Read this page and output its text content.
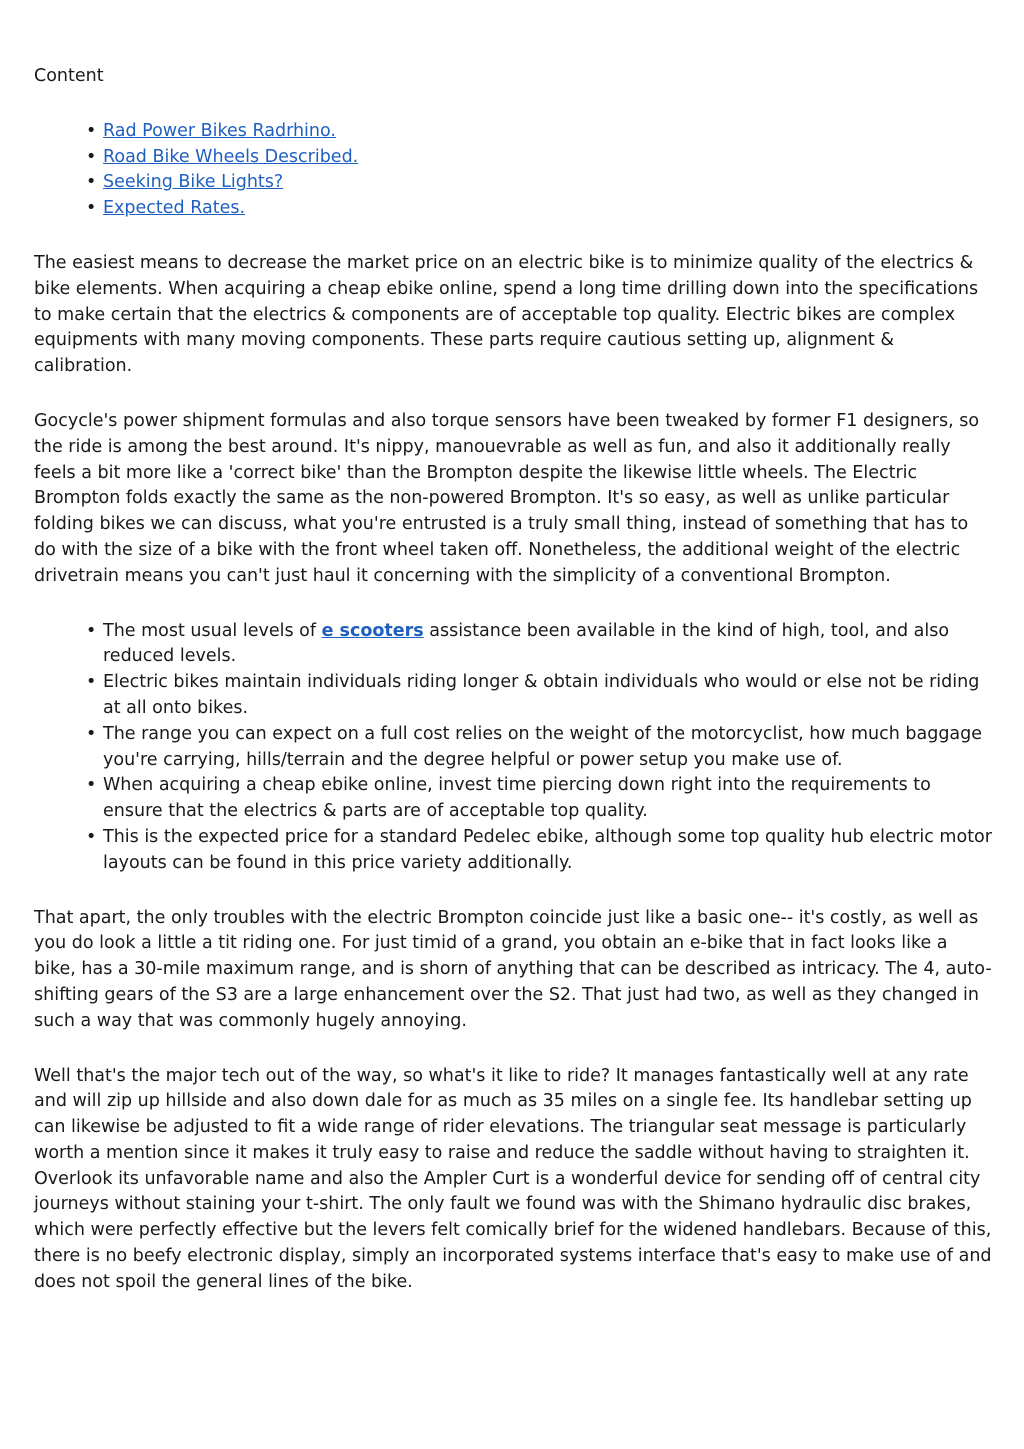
Content
• Rad Power Bikes Radrhino.
• Road Bike Wheels Described.
• Seeking Bike Lights?
• Expected Rates.

The easiest means to decrease the market price on an electric bike is to minimize quality of the electrics & bike elements. When acquiring a cheap ebike online, spend a long time drilling down into the specifications to make certain that the electrics & components are of acceptable top quality. Electric bikes are complex equipments with many moving components. These parts require cautious setting up, alignment & calibration.

Gocycle's power shipment formulas and also torque sensors have been tweaked by former F1 designers, so the ride is among the best around. It's nippy, manouevrable as well as fun, and also it additionally really feels a bit more like a 'correct bike' than the Brompton despite the likewise little wheels. The Electric Brompton folds exactly the same as the non-powered Brompton. It's so easy, as well as unlike particular folding bikes we can discuss, what you're entrusted is a truly small thing, instead of something that has to do with the size of a bike with the front wheel taken off. Nonetheless, the additional weight of the electric drivetrain means you can't just haul it concerning with the simplicity of a conventional Brompton.

• The most usual levels of e scooters assistance been available in the kind of high, tool, and also reduced levels.
• Electric bikes maintain individuals riding longer & obtain individuals who would or else not be riding at all onto bikes.
• The range you can expect on a full cost relies on the weight of the motorcyclist, how much baggage you're carrying, hills/terrain and the degree helpful or power setup you make use of.
• When acquiring a cheap ebike online, invest time piercing down right into the requirements to ensure that the electrics & parts are of acceptable top quality.
• This is the expected price for a standard Pedelec ebike, although some top quality hub electric motor layouts can be found in this price variety additionally.

That apart, the only troubles with the electric Brompton coincide just like a basic one-- it's costly, as well as you do look a little a tit riding one. For just timid of a grand, you obtain an e-bike that in fact looks like a bike, has a 30-mile maximum range, and is shorn of anything that can be described as intricacy. The 4, auto-shifting gears of the S3 are a large enhancement over the S2. That just had two, as well as they changed in such a way that was commonly hugely annoying.

Well that's the major tech out of the way, so what's it like to ride? It manages fantastically well at any rate and will zip up hillside and also down dale for as much as 35 miles on a single fee. Its handlebar setting up can likewise be adjusted to fit a wide range of rider elevations. The triangular seat message is particularly worth a mention since it makes it truly easy to raise and reduce the saddle without having to straighten it. Overlook its unfavorable name and also the Ampler Curt is a wonderful device for sending off of central city journeys without staining your t-shirt. The only fault we found was with the Shimano hydraulic disc brakes, which were perfectly effective but the levers felt comically brief for the widened handlebars. Because of this, there is no beefy electronic display, simply an incorporated systems interface that's easy to make use of and does not spoil the general lines of the bike.
